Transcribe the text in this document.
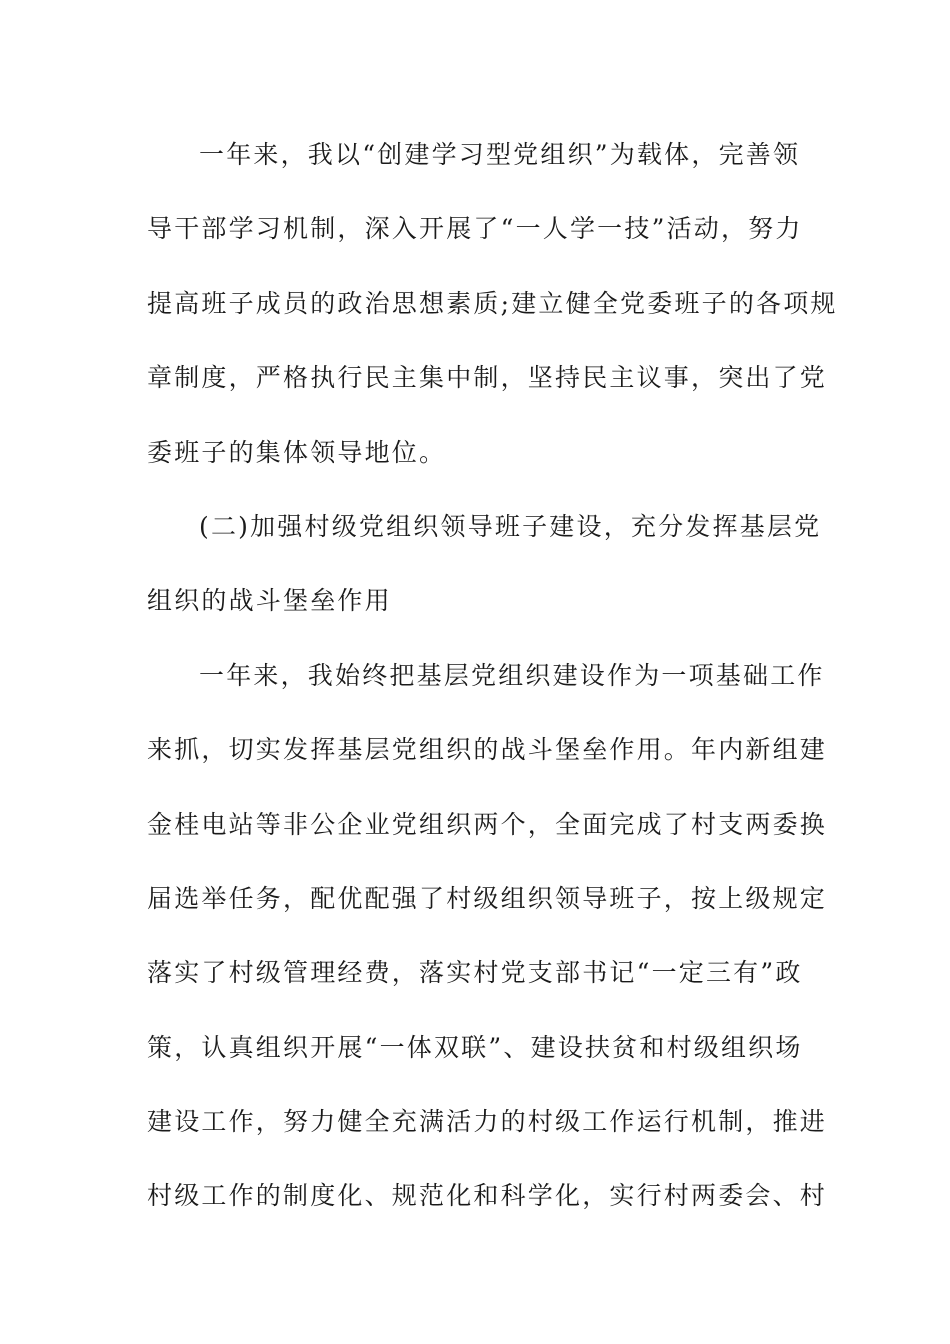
一年来，我以“创建学习型党组织”为载体，完善领
导干部学习机制，深入开展了“一人学一技”活动，努力
提高班子成员的政治思想素质;建立健全党委班子的各项规
章制度，严格执行民主集中制，坚持民主议事，突出了党
委班子的集体领导地位。
(二)加强村级党组织领导班子建设，充分发挥基层党
组织的战斗堡垒作用
一年来，我始终把基层党组织建设作为一项基础工作
来抓，切实发挥基层党组织的战斗堡垒作用。年内新组建
金桂电站等非公企业党组织两个，全面完成了村支两委换
届选举任务，配优配强了村级组织领导班子，按上级规定
落实了村级管理经费，落实村党支部书记“一定三有”政
策，认真组织开展“一体双联”、建设扶贫和村级组织场
建设工作，努力健全充满活力的村级工作运行机制，推进
村级工作的制度化、规范化和科学化，实行村两委会、村
